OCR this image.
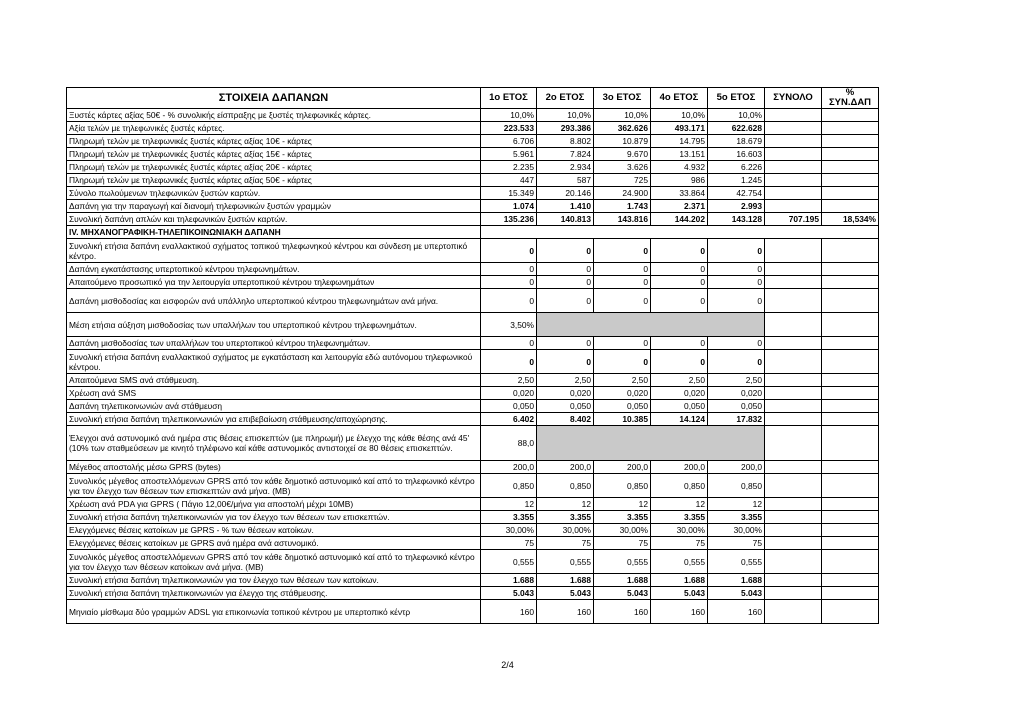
ΣΤΟΙΧΕΙΑ ΔΑΠΑΝΩΝ	1ο ΕΤΟΣ	2ο ΕΤΟΣ	3ο ΕΤΟΣ	4ο ΕΤΟΣ	5ο ΕΤΟΣ	ΣΥΝΟΛΟ	% ΣΥΝ.ΔΑΠ
Ξυστές κάρτες αξίας 50€ - % συνολικής είσπραξης με ξυστές τηλεφωνικές κάρτες.	10,0%	10,0%	10,0%	10,0%	10,0%		
Αξία τελών με τηλεφωνικές ξυστές κάρτες.	223.533	293.386	362.626	493.171	622.628		
Πληρωμή τελών με τηλεφωνικές ξυστές κάρτες αξίας 10€ - κάρτες	6.706	8.802	10.879	14.795	18.679		
Πληρωμή τελών με τηλεφωνικές ξυστές κάρτες αξίας 15€ - κάρτες	5.961	7.824	9.670	13.151	16.603		
Πληρωμή τελών με τηλεφωνικές ξυστές κάρτες αξίας 20€ - κάρτες	2.235	2.934	3.626	4.932	6.226		
Πληρωμή τελών με τηλεφωνικές ξυστές κάρτες αξίας 50€ - κάρτες	447	587	725	986	1.245		
Σύνολο πωλούμενων τηλεφωνικών ξυστών καρτών.	15.349	20.146	24.900	33.864	42.754		
Δαπάνη για την παραγωγή καί διανομή τηλεφωνικών ξυστών γραμμών	1.074	1.410	1.743	2.371	2.993		
Συνολική δαπάνη απλών και τηλεφωνικών ξυστών καρτών.	135.236	140.813	143.816	144.202	143.128	707.195	18,534%
IV. ΜΗΧΑΝΟΓΡΑΦΙΚΗ-ΤΗΛΕΠΙΚΟΙΝΩΝΙΑΚΗ ΔΑΠΑΝΗ							
Συνολική ετήσια δαπάνη εναλλακτικού σχήματος τοπικού τηλεφωνηκού κέντρου και σύνδεση με υπερτοπικό κέντρο.	0	0	0	0	0		
Δαπάνη εγκατάστασης υπερτοπικού κέντρου τηλεφωνημάτων.	0	0	0	0	0		
Απαιτούμενο προσωπικό για την λειτουργία υπερτοπικού κέντρου τηλεφωνημάτων	0	0	0	0	0		
Δαπάνη μισθοδοσίας και εισφορών ανά υπάλληλο υπερτοπικού κέντρου τηλεφωνημάτων ανά μήνα.	0	0	0	0	0		
Μέση ετήσια αύξηση μισθοδοσίας των υπαλλήλων του υπερτοπικού κέντρου τηλεφωνημάτων.	3,50%						
Δαπάνη μισθοδοσίας των υπαλλήλων του υπερτοπικού κέντρου τηλεφωνημάτων.	0	0	0	0	0		
Συνολική ετήσια δαπάνη εναλλακτικού σχήματος με εγκατάσταση και λειτουργία εδώ αυτόνομου τηλεφωνικού κέντρου.	0	0	0	0	0		
Απαιτούμενα SMS ανά στάθμευση.	2,50	2,50	2,50	2,50	2,50		
Χρέωση ανά SMS	0,020	0,020	0,020	0,020	0,020		
Δαπάνη τηλεπικοινωνιών ανά στάθμευση	0,050	0,050	0,050	0,050	0,050		
Συνολική ετήσια δαπάνη τηλεπικοινωνιών για επιβεβαίωση στάθμευσης/αποχώρησης.	6.402	8.402	10.385	14.124	17.832		
Έλεγχοι ανά αστυνομικό ανά ημέρα στις θέσεις επισκεπτών (με πληρωμή) με έλεγχο της κάθε θέσης ανά 45' (10% των σταθμεύσεων με κινητό τηλέφωνο καί κάθε αστυνομικός αντιστοιχεί σε 80 θέσεις επισκεπτών.	88,0						
Μέγεθος αποστολής μέσω GPRS (bytes)	200,0	200,0	200,0	200,0	200,0		
Συνολικός μέγεθος αποστελλόμενων GPRS από τον κάθε δημοτικό αστυνομικό καί από το τηλεφωνικό κέντρο για τον έλεγχο των θέσεων των επισκεπτών ανά μήνα. (MB)	0,850	0,850	0,850	0,850	0,850		
Χρέωση ανά PDA για GPRS ( Πάγιο 12,00€/μήνα για αποστολή μέχρι 10MB)	12	12	12	12	12		
Συνολική ετήσια δαπάνη τηλεπικοινωνιών για τον έλεγχο των θέσεων των επισκεπτών.	3.355	3.355	3.355	3.355	3.355		
Ελεγχόμενες θέσεις κατοίκων με GPRS - % των θέσεων κατοίκων.	30,00%	30,00%	30,00%	30,00%	30,00%		
Ελεγχόμενες θέσεις κατοίκων με GPRS ανά ημέρα ανά αστυνομικό.	75	75	75	75	75		
Συνολικός μέγεθος αποστελλόμενων GPRS από τον κάθε δημοτικό αστυνομικό καί από το τηλεφωνικό κέντρο για τον έλεγχο των θέσεων κατοίκων ανά μήνα. (MB)	0,555	0,555	0,555	0,555	0,555		
Συνολική ετήσια δαπάνη τηλεπικοινωνιών για τον έλεγχο των θέσεων των κατοίκων.	1.688	1.688	1.688	1.688	1.688		
Συνολική ετήσια δαπάνη τηλεπικοινωνιών για έλεγχο της στάθμευσης.	5.043	5.043	5.043	5.043	5.043		
Μηνιαίο μίσθωμα δύο γραμμών ADSL για επικοινωνία τοπικού κέντρου με υπερτοπικό κέντρ	160	160	160	160	160		
2/4
